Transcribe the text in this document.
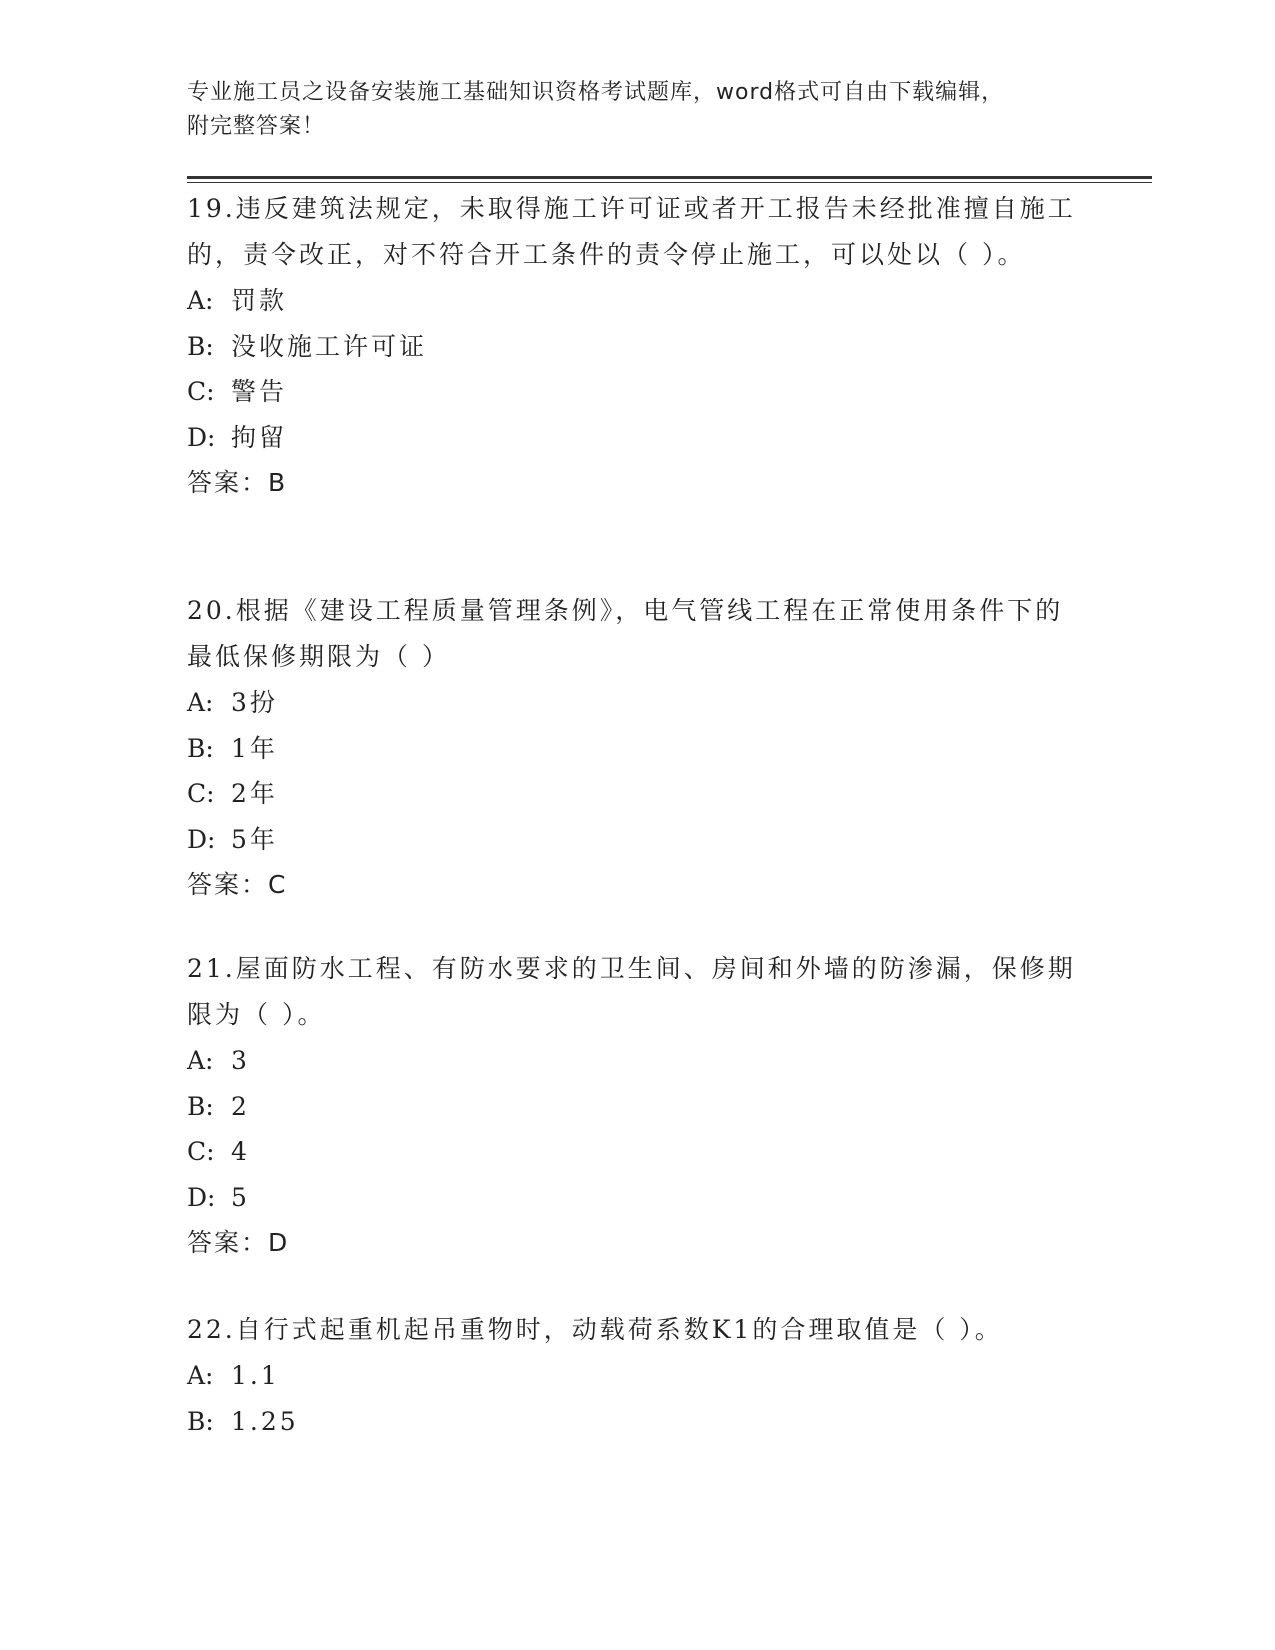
专业施工员之设备安装施工基础知识资格考试题库，word格式可自由下载编辑，
附完整答案！

19.违反建筑法规定，未取得施工许可证或者开工报告未经批准擅自施工的，责令改正，对不符合开工条件的责令停止施工，可以处以（ ）。

A: 罚款

B: 没收施工许可证

C: 警告

D: 拘留

答案：B

20.根据《建设工程质量管理条例》，电气管线工程在正常使用条件下的最低保修期限为（ ）

A: 3扮

B: 1年

C: 2年

D: 5年

答案：C

21.屋面防水工程、有防水要求的卫生间、房间和外墙的防渗漏，保修期限为（ ）。

A: 3

B: 2

C: 4

D: 5

答案：D

22.自行式起重机起吊重物时，动载荷系数K1的合理取值是（ ）。

A: 1.1

B: 1.25
